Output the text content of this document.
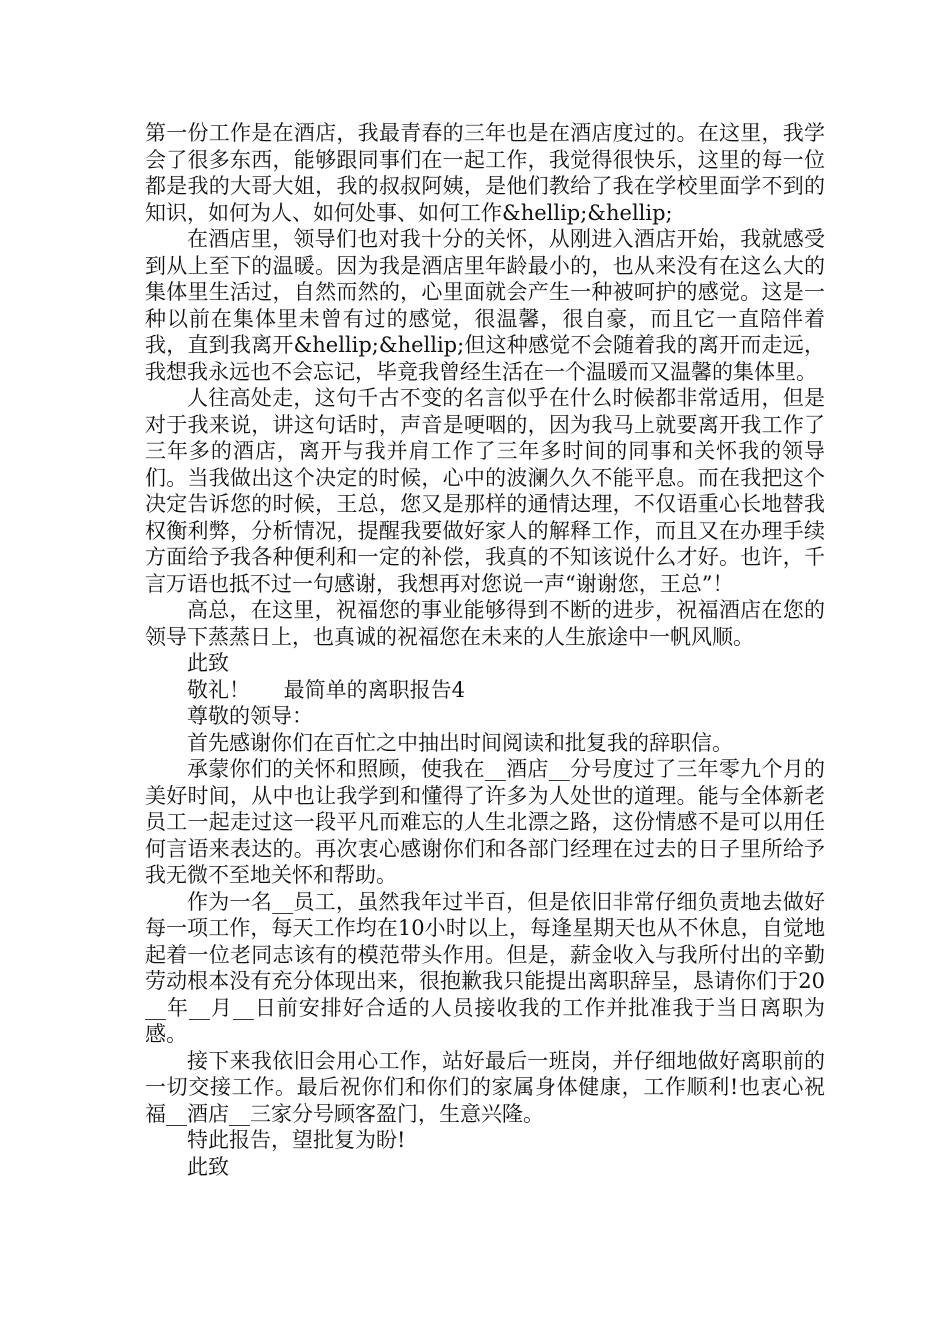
第一份工作是在酒店，我最青春的三年也是在酒店度过的。在这里，我学会了很多东西，能够跟同事们在一起工作，我觉得很快乐，这里的每一位都是我的大哥大姐，我的叔叔阿姨，是他们教给了我在学校里面学不到的知识，如何为人、如何处事、如何工作&hellip;&hellip;

在酒店里，领导们也对我十分的关怀，从刚进入酒店开始，我就感受到从上至下的温暖。因为我是酒店里年龄最小的，也从来没有在这么大的集体里生活过，自然而然的，心里面就会产生一种被呵护的感觉。这是一种以前在集体里未曾有过的感觉，很温馨，很自豪，而且它一直陪伴着我，直到我离开&hellip;&hellip;但这种感觉不会随着我的离开而走远，我想我永远也不会忘记，毕竟我曾经生活在一个温暖而又温馨的集体里。

人往高处走，这句千古不变的名言似乎在什么时候都非常适用，但是对于我来说，讲这句话时，声音是哽咽的，因为我马上就要离开我工作了三年多的酒店，离开与我并肩工作了三年多时间的同事和关怀我的领导们。当我做出这个决定的时候，心中的波澜久久不能平息。而在我把这个决定告诉您的时候，王总，您又是那样的通情达理，不仅语重心长地替我权衡利弊，分析情况，提醒我要做好家人的解释工作，而且又在办理手续方面给予我各种便利和一定的补偿，我真的不知该说什么才好。也许，千言万语也抵不过一句感谢，我想再对您说一声“谢谢您，王总”！

高总，在这里，祝福您的事业能够得到不断的进步，祝福酒店在您的领导下蒸蒸日上，也真诚的祝福您在未来的人生旅途中一帆风顺。

此致

敬礼！ 最简单的离职报告4

尊敬的领导：

首先感谢你们在百忙之中抽出时间阅读和批复我的辞职信。

承蒙你们的关怀和照顾，使我在__酒店__分号度过了三年零九个月的美好时间，从中也让我学到和懂得了许多为人处世的道理。能与全体新老员工一起走过这一段平凡而难忘的人生北漂之路，这份情感不是可以用任何言语来表达的。再次衷心感谢你们和各部门经理在过去的日子里所给予我无微不至地关怀和帮助。

作为一名__员工，虽然我年过半百，但是依旧非常仔细负责地去做好每一项工作，每天工作均在10小时以上，每逢星期天也从不休息，自觉地起着一位老同志该有的模范带头作用。但是，薪金收入与我所付出的辛勤劳动根本没有充分体现出来，很抱歉我只能提出离职辞呈，恳请你们于20__年__月__日前安排好合适的人员接收我的工作并批准我于当日离职为感。

接下来我依旧会用心工作，站好最后一班岗，并仔细地做好离职前的一切交接工作。最后祝你们和你们的家属身体健康，工作顺利!也衷心祝福__酒店__三家分号顾客盈门，生意兴隆。

特此报告，望批复为盼!

此致
